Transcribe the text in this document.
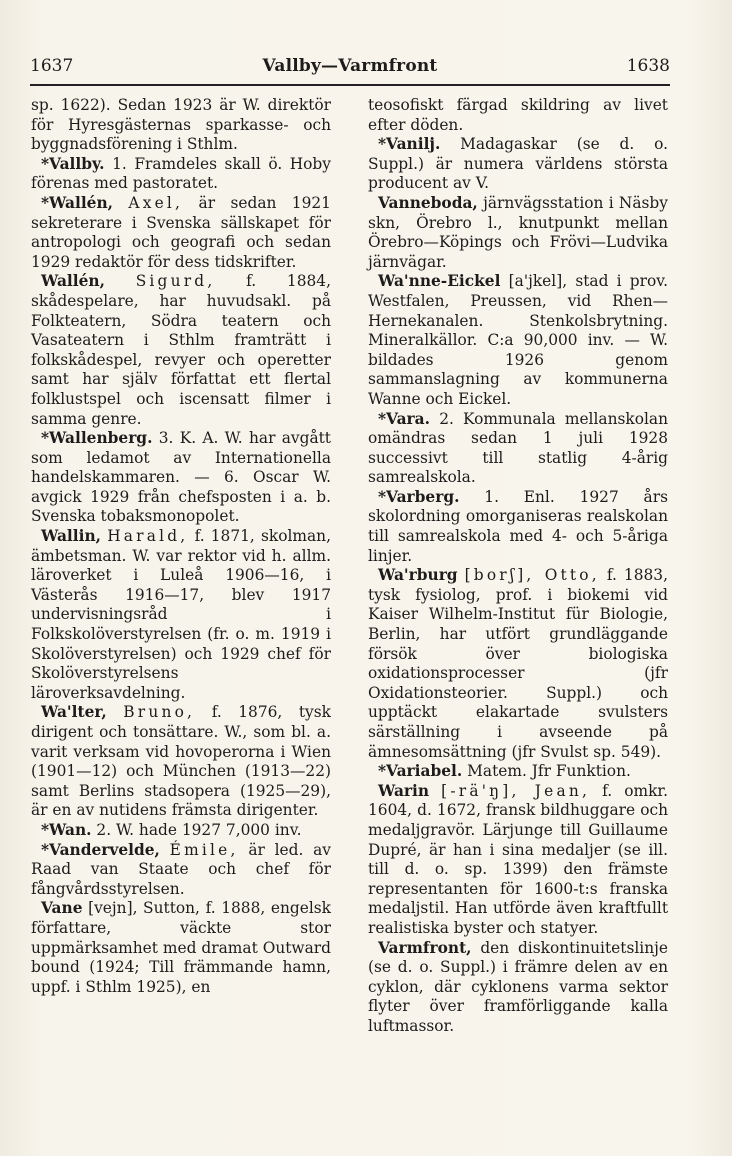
1637	Vallby—Varmfront	1638

sp. 1622). Sedan 1923 är W. direktör för Hyresgästernas sparkasse- och byggnadsförening i Sthlm.

*Vallby. 1. Framdeles skall ö. Hoby förenas med pastoratet.

*Wallén, Axel, är sedan 1921 sekreterare i Svenska sällskapet för antropologi och geografi och sedan 1929 redaktör för dess tidskrifter.

Wallén, Sigurd, f. 1884, skådespelare, har huvudsakl. på Folkteatern, Södra teatern och Vasateatern i Sthlm framträtt i folkskådespel, revyer och operetter samt har själv författat ett flertal folklustspel och iscensatt filmer i samma genre.

*Wallenberg. 3. K. A. W. har avgått som ledamot av Internationella handelskammaren. — 6. Oscar W. avgick 1929 från chefsposten i a. b. Svenska tobaksmonopolet.

Wallin, Harald, f. 1871, skolman, ämbetsman. W. var rektor vid h. allm. läroverket i Luleå 1906—16, i Västerås 1916—17, blev 1917 undervisningsråd i Folkskolöverstyrelsen (fr. o. m. 1919 i Skolöverstyrelsen) och 1929 chef för Skolöverstyrelsens läroverksavdelning.

Wa'lter, Bruno, f. 1876, tysk dirigent och tonsättare. W., som bl. a. varit verksam vid hovoperorna i Wien (1901—12) och München (1913—22) samt Berlins stadsopera (1925—29), är en av nutidens främsta dirigenter.

*Wan. 2. W. hade 1927 7,000 inv.

*Vandervelde, Émile, är led. av Raad van Staate och chef för fångvårdsstyrelsen.

Vane [vejn], Sutton, f. 1888, engelsk författare, väckte stor uppmärksamhet med dramat Outward bound (1924; Till främmande hamn, uppf. i Sthlm 1925), en

teosofiskt färgad skildring av livet efter döden.

*Vanilj. Madagaskar (se d. o. Suppl.) är numera världens största producent av V.

Vanneboda, järnvägsstation i Näsby skn, Örebro l., knutpunkt mellan Örebro—Köpings och Frövi—Ludvika järnvägar.

Wa'nne-Eickel [a'jkel], stad i prov. Westfalen, Preussen, vid Rhen—Hernekanalen. Stenkolsbrytning. Mineralkällor. C:a 90,000 inv. — W. bildades 1926 genom sammanslagning av kommunerna Wanne och Eickel.

*Vara. 2. Kommunala mellanskolan omändras sedan 1 juli 1928 successivt till statlig 4-årig samrealskola.

*Varberg. 1. Enl. 1927 års skolordning omorganiseras realskolan till samrealskola med 4- och 5-åriga linjer.

Wa'rburg [borʃ], Otto, f. 1883, tysk fysiolog, prof. i biokemi vid Kaiser Wilhelm-Institut für Biologie, Berlin, har utfört grundläggande försök över biologiska oxidationsprocesser (jfr Oxidationsteorier. Suppl.) och upptäckt elakartade svulsters särställning i avseende på ämnesomsättning (jfr Svulst sp. 549).

*Variabel. Matem. Jfr Funktion.

Warin [-rä'ŋ], Jean, f. omkr. 1604, d. 1672, fransk bildhuggare och medaljgravör. Lärjunge till Guillaume Dupré, är han i sina medaljer (se ill. till d. o. sp. 1399) den främste representanten för 1600-t:s franska medaljstil. Han utförde även kraftfullt realistiska byster och statyer.

Varmfront, den diskontinuitetslinje (se d. o. Suppl.) i främre delen av en cyklon, där cyklonens varma sektor flyter över framförliggande kalla luftmassor.
